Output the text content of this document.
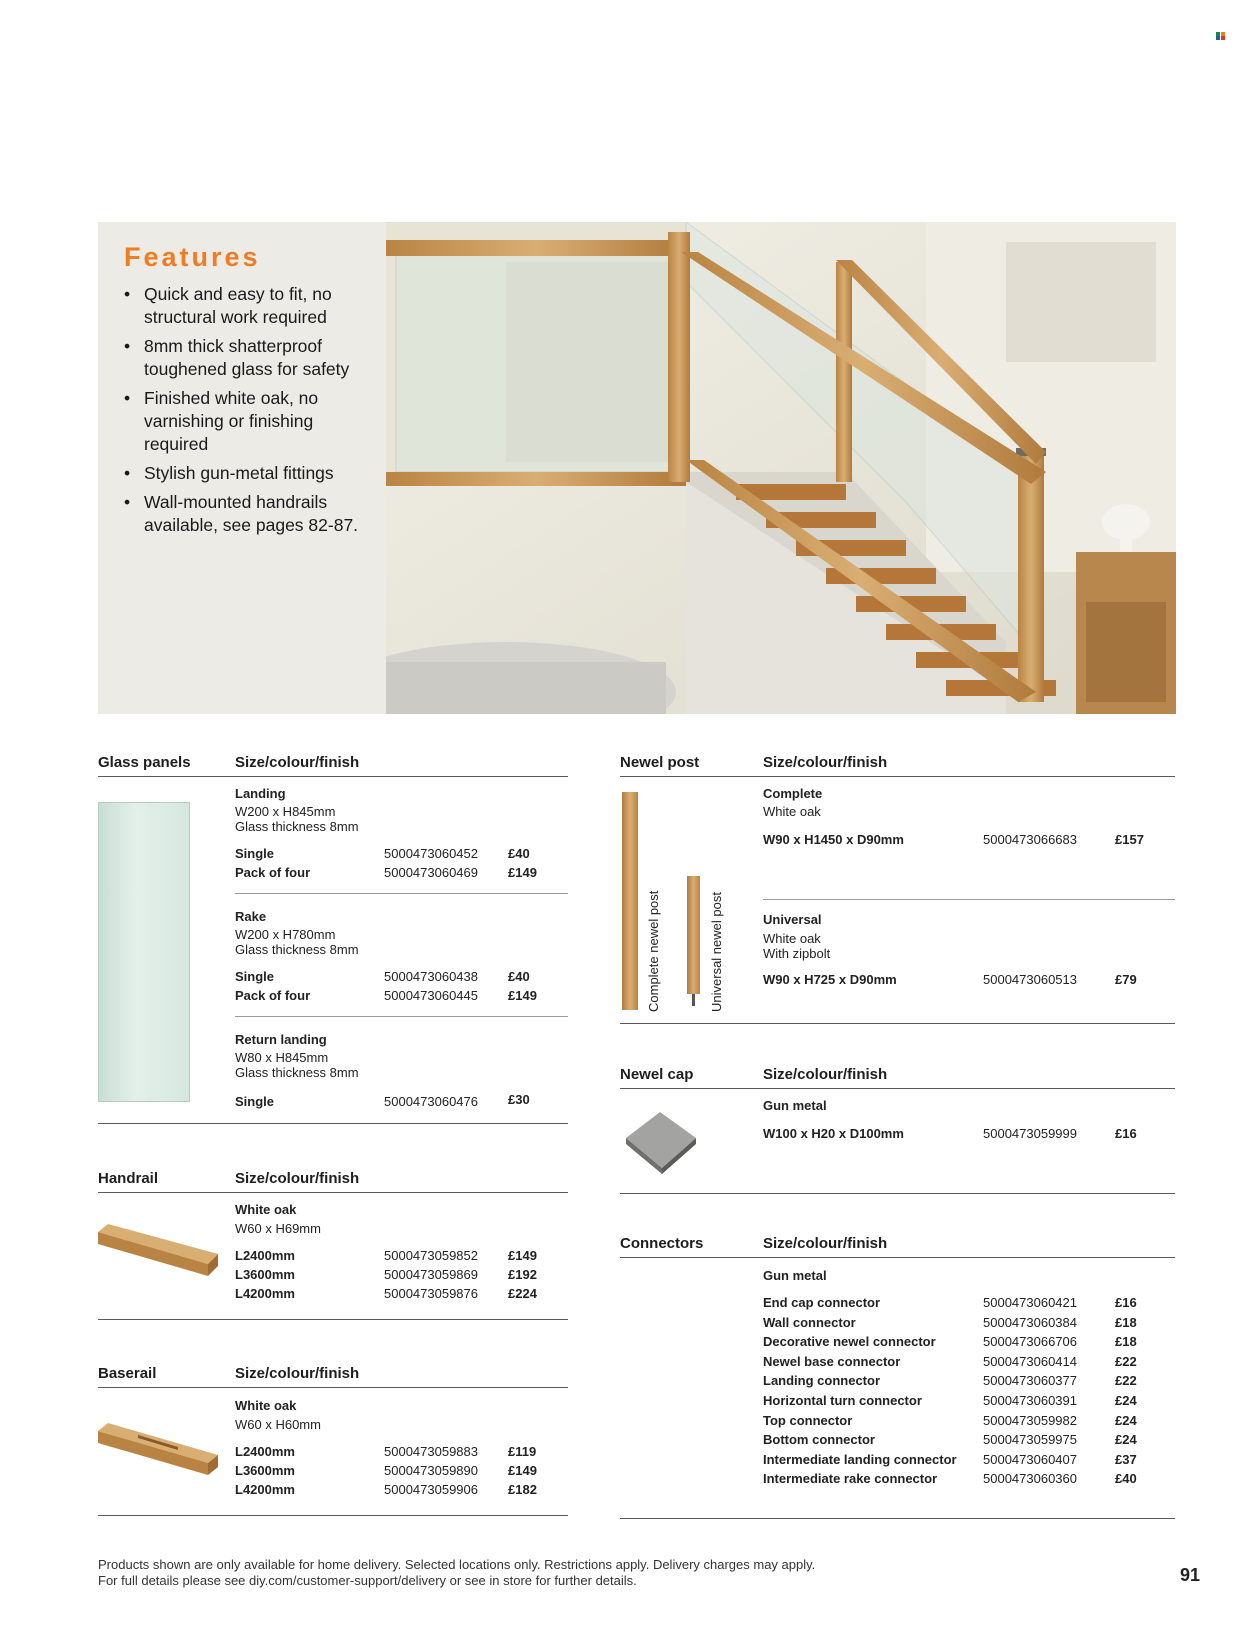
Features
• Quick and easy to fit, no structural work required
• 8mm thick shatterproof toughened glass for safety
• Finished white oak, no varnishing or finishing required
• Stylish gun-metal fittings
• Wall-mounted handrails available, see pages 82-87.
Glass panels	Size/colour/finish
Landing
W200 x H845mm
Glass thickness 8mm
Single	5000473060452 £40
Pack of four	5000473060469 £149
Rake
W200 x H780mm
Glass thickness 8mm
Single	5000473060438 £40
Pack of four	5000473060445 £149
Return landing
W80 x H845mm
Glass thickness 8mm
Single	5000473060476 £30
Handrail	Size/colour/finish
White oak
W60 x H69mm
L2400mm	5000473059852 £149
L3600mm	5000473059869 £192
L4200mm	5000473059876 £224
Baserail	Size/colour/finish
White oak
W60 x H60mm
L2400mm	5000473059883 £119
L3600mm	5000473059890 £149
L4200mm	5000473059906 £182
Newel post	Size/colour/finish
Complete newel post	Universal newel post
Complete
White oak
W90 x H1450 x D90mm	5000473066683	£157
Universal
White oak
With zipbolt
W90 x H725 x D90mm	5000473060513	£79
Newel cap	Size/colour/finish
Gun metal
W100 x H20 x D100mm	5000473059999	£16
Connectors	Size/colour/finish
Gun metal
End cap connector	5000473060421	£16
Wall connector	5000473060384	£18
Decorative newel connector	5000473066706	£18
Newel base connector	5000473060414	£22
Landing connector	5000473060377	£22
Horizontal turn connector	5000473060391	£24
Top connector	5000473059982	£24
Bottom connector	5000473059975	£24
Intermediate landing connector 5000473060407	£37
Intermediate rake connector	5000473060360	£40
Products shown are only available for home delivery. Selected locations only. Restrictions apply. Delivery charges may apply.
For full details please see diy.com/customer-support/delivery or see in store for further details.	91
